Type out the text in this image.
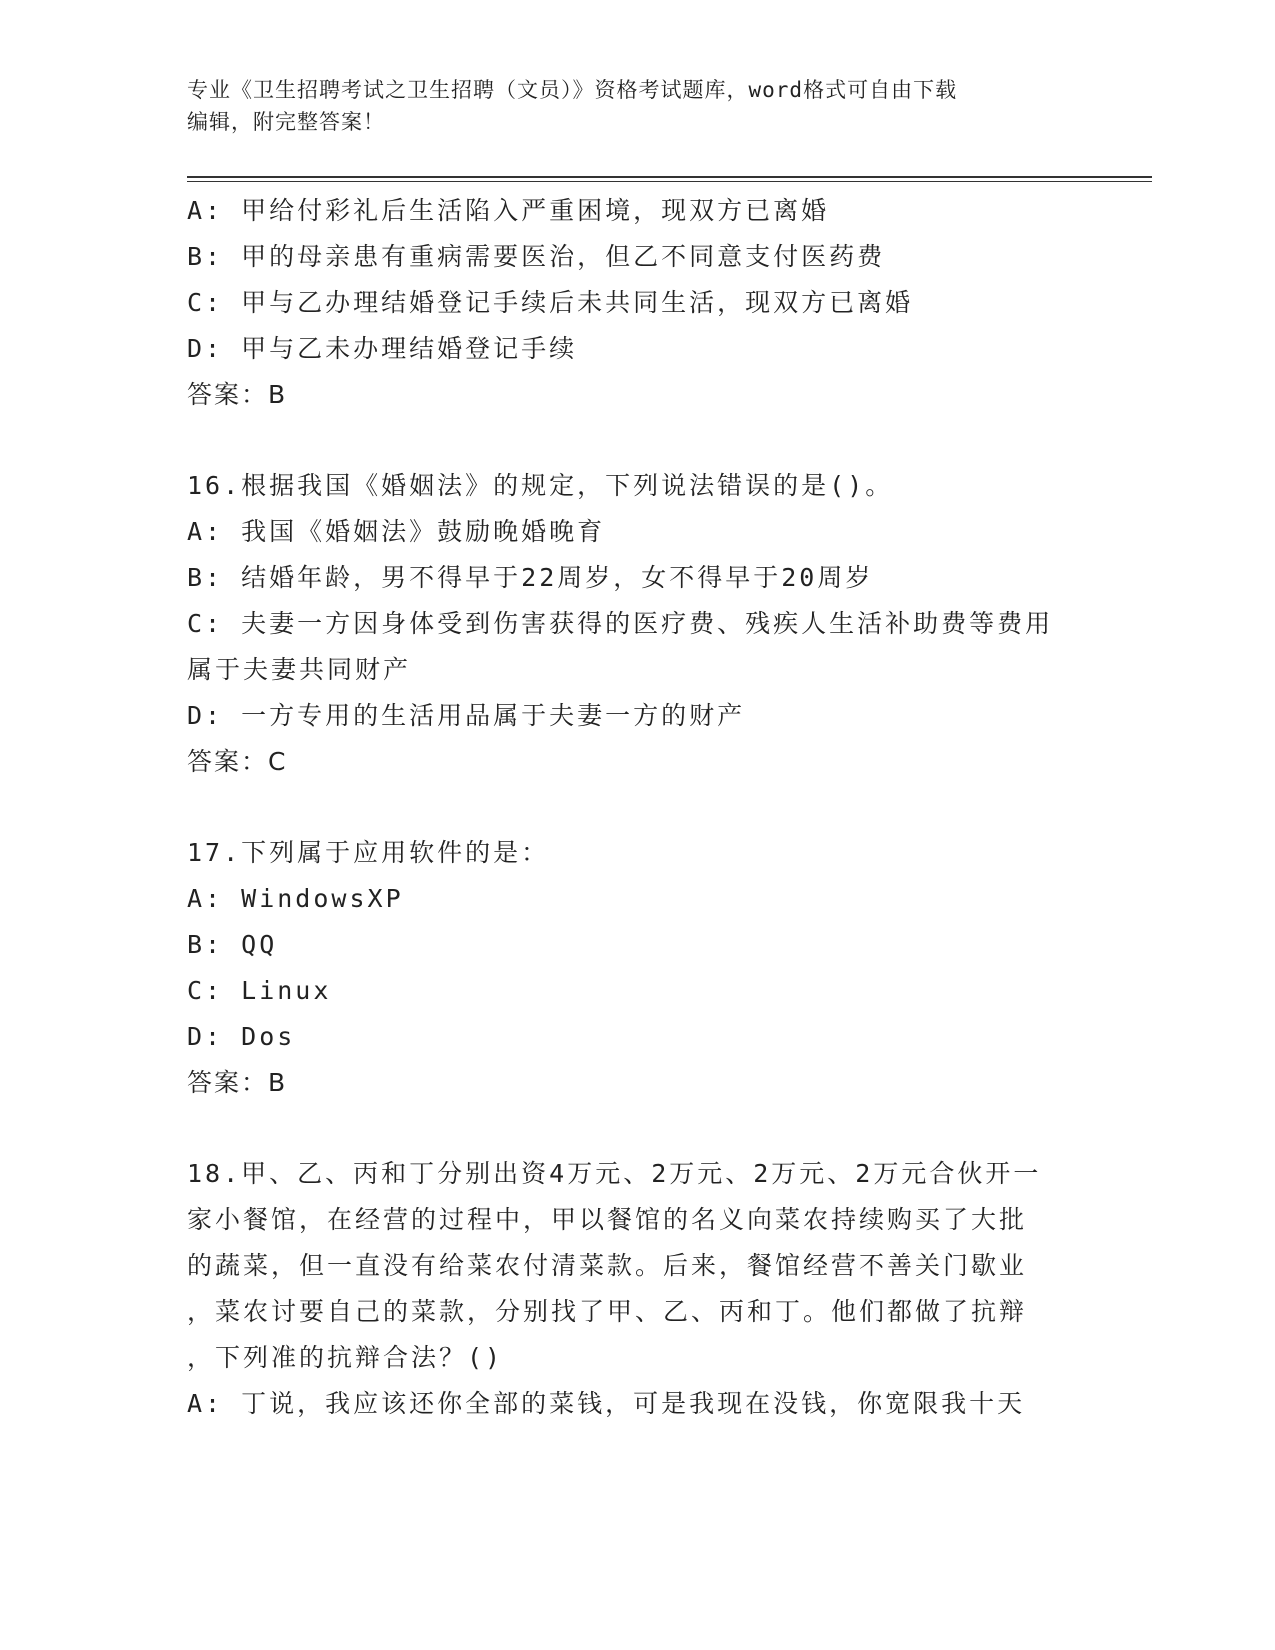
专业《卫生招聘考试之卫生招聘（文员）》资格考试题库，word格式可自由下载
编辑，附完整答案！
A: 甲给付彩礼后生活陷入严重困境，现双方已离婚
B: 甲的母亲患有重病需要医治，但乙不同意支付医药费
C: 甲与乙办理结婚登记手续后未共同生活，现双方已离婚
D: 甲与乙未办理结婚登记手续
答案：B
16.根据我国《婚姻法》的规定，下列说法错误的是()。
A: 我国《婚姻法》鼓励晚婚晚育
B: 结婚年龄，男不得早于22周岁，女不得早于20周岁
C: 夫妻一方因身体受到伤害获得的医疗费、残疾人生活补助费等费用
属于夫妻共同财产
D: 一方专用的生活用品属于夫妻一方的财产
答案：C
17.下列属于应用软件的是：
A: WindowsXP
B: QQ
C: Linux
D: Dos
答案：B
18.甲、乙、丙和丁分别出资4万元、2万元、2万元、2万元合伙开一
家小餐馆，在经营的过程中，甲以餐馆的名义向菜农持续购买了大批
的蔬菜，但一直没有给菜农付清菜款。后来，餐馆经营不善关门歇业
，菜农讨要自己的菜款，分别找了甲、乙、丙和丁。他们都做了抗辩
，下列准的抗辩合法？()
A: 丁说，我应该还你全部的菜钱，可是我现在没钱，你宽限我十天
